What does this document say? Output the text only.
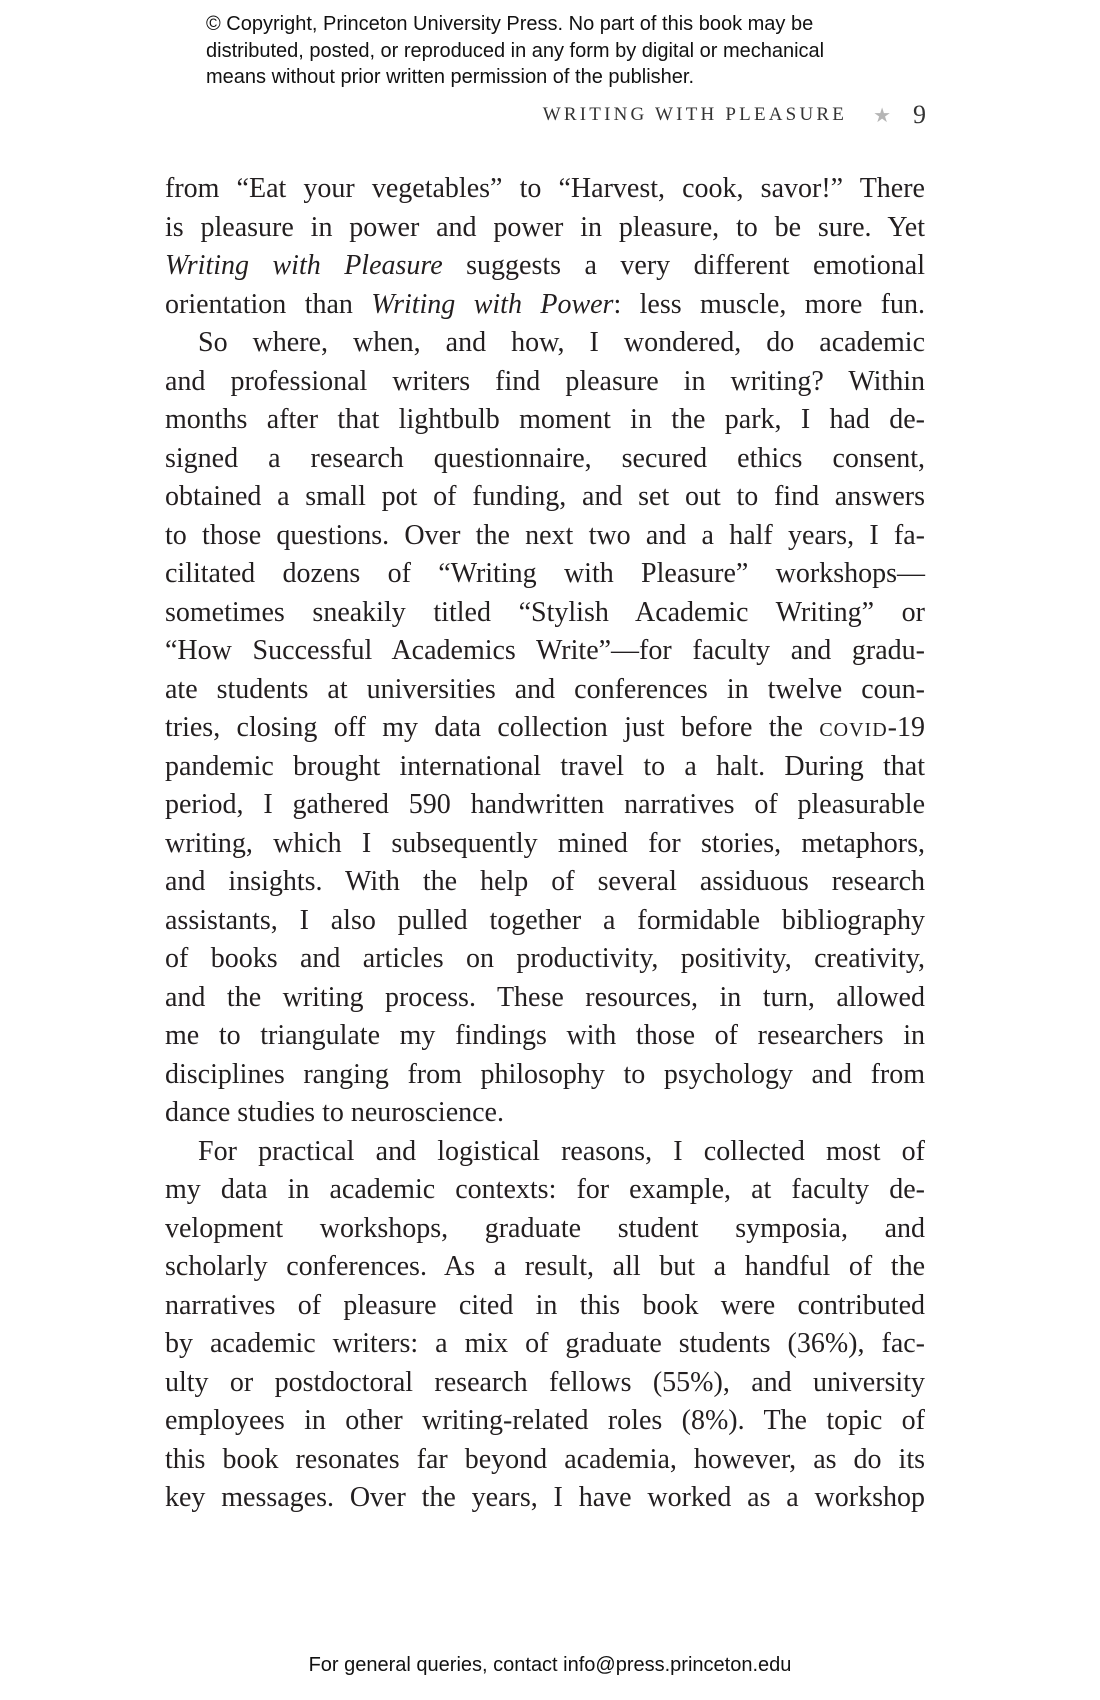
© Copyright, Princeton University Press. No part of this book may be
distributed, posted, or reproduced in any form by digital or mechanical
means without prior written permission of the publisher.
WRITING WITH PLEASURE ★ 9
from “Eat your vegetables” to “Harvest, cook, savor!” There
is pleasure in power and power in pleasure, to be sure. Yet
Writing with Pleasure suggests a very different emotional
orientation than Writing with Power: less muscle, more fun.
So where, when, and how, I wondered, do academic
and professional writers find pleasure in writing? Within
months after that lightbulb moment in the park, I had de-
signed a research questionnaire, secured ethics consent,
obtained a small pot of funding, and set out to find answers
to those questions. Over the next two and a half years, I fa-
cilitated dozens of “Writing with Pleasure” workshops—
sometimes sneakily titled “Stylish Academic Writing” or
“How Successful Academics Write”—for faculty and gradu-
ate students at universities and conferences in twelve coun-
tries, closing off my data collection just before the covid-19
pandemic brought international travel to a halt. During that
period, I gathered 590 handwritten narratives of pleasurable
writing, which I subsequently mined for stories, metaphors,
and insights. With the help of several assiduous research
assistants, I also pulled together a formidable bibliography
of books and articles on productivity, positivity, creativity,
and the writing process. These resources, in turn, allowed
me to triangulate my findings with those of researchers in
disciplines ranging from philosophy to psychology and from
dance studies to neuroscience.
For practical and logistical reasons, I collected most of
my data in academic contexts: for example, at faculty de-
velopment workshops, graduate student symposia, and
scholarly conferences. As a result, all but a handful of the
narratives of pleasure cited in this book were contributed
by academic writers: a mix of graduate students (36%), fac-
ulty or postdoctoral research fellows (55%), and university
employees in other writing-related roles (8%). The topic of
this book resonates far beyond academia, however, as do its
key messages. Over the years, I have worked as a workshop
For general queries, contact info@press.princeton.edu
